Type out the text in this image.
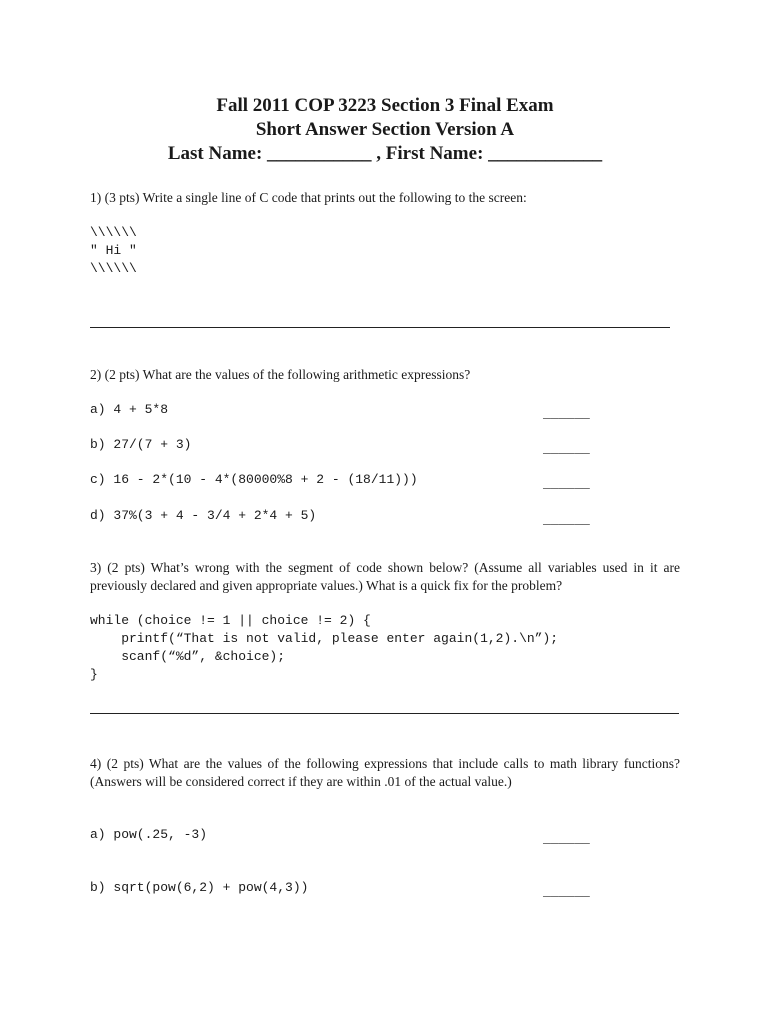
Fall 2011 COP 3223 Section 3 Final Exam
Short Answer Section Version A
Last Name: ___________ , First Name: ____________
1) (3 pts) Write a single line of C code that prints out the following to the screen:
\\\\\\
" Hi "
\\\\\\
2) (2 pts) What are the values of the following arithmetic expressions?
a) 4 + 5*8	______
b) 27/(7 + 3)	______
c) 16 - 2*(10 - 4*(80000%8 + 2 - (18/11)))	______
d) 37%(3 + 4 - 3/4 + 2*4 + 5)	______
3) (2 pts) What’s wrong with the segment of code shown below? (Assume all variables used in it are previously declared and given appropriate values.) What is a quick fix for the problem?
while (choice != 1 || choice != 2) {
printf(“That is not valid, please enter again(1,2).\n”);
scanf(“%d”, &choice);
}
4) (2 pts) What are the values of the following expressions that include calls to math library functions? (Answers will be considered correct if they are within .01 of the actual value.)
a) pow(.25, -3)	______
b) sqrt(pow(6,2) + pow(4,3))	______
